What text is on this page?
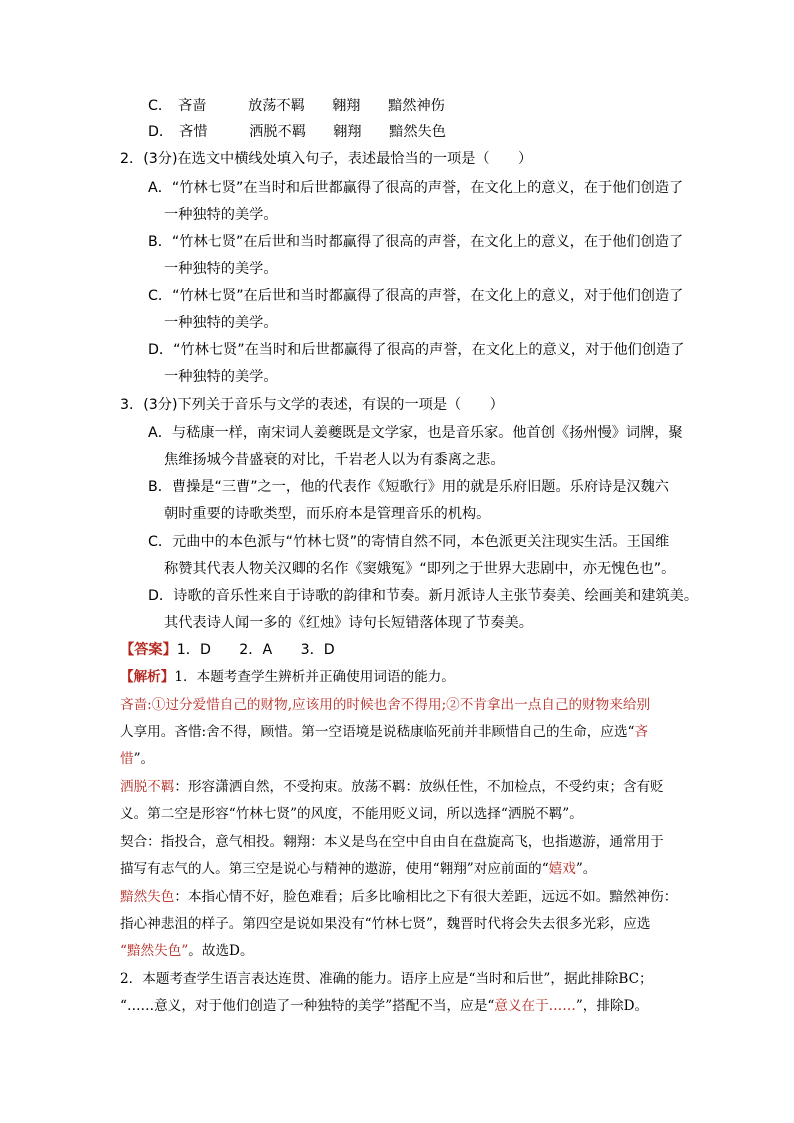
C． 吝啬	放荡不羁 翱翔 黯然神伤
D． 吝惜	洒脱不羁 翱翔 黯然失色
2．(3分)在选文中横线处填入句子，表述最恰当的一项是（　　）
A．“竹林七贤”在当时和后世都赢得了很高的声誉，在文化上的意义，在于他们创造了
一种独特的美学。
B．“竹林七贤”在后世和当时都赢得了很高的声誉，在文化上的意义，在于他们创造了
一种独特的美学。
C．“竹林七贤”在后世和当时都赢得了很高的声誉，在文化上的意义，对于他们创造了
一种独特的美学。
D．“竹林七贤”在当时和后世都赢得了很高的声誉，在文化上的意义，对于他们创造了
一种独特的美学。
3．(3分)下列关于音乐与文学的表述，有误的一项是（　　）
A．与嵇康一样，南宋词人姜夔既是文学家，也是音乐家。他首创《扬州慢》词牌，聚
焦维扬城今昔盛衰的对比，千岩老人以为有黍离之悲。
B．曹操是“三曹”之一，他的代表作《短歌行》用的就是乐府旧题。乐府诗是汉魏六
朝时重要的诗歌类型，而乐府本是管理音乐的机构。
C．元曲中的本色派与“竹林七贤”的寄情自然不同，本色派更关注现实生活。王国维
称赞其代表人物关汉卿的名作《窦娥冤》“即列之于世界大悲剧中，亦无愧色也”。
D．诗歌的音乐性来自于诗歌的韵律和节奏。新月派诗人主张节奏美、绘画美和建筑美。
其代表诗人闻一多的《红烛》诗句长短错落体现了节奏美。
【答案】1．D　　2．A　　3．D
【解析】1．本题考查学生辨析并正确使用词语的能力。
吝啬:①过分爱惜自己的财物,应该用的时候也舍不得用;②不肯拿出一点自己的财物来给别
人享用。吝惜:舍不得，顾惜。第一空语境是说嵇康临死前并非顾惜自己的生命，应选“吝
惜”。
洒脱不羁：形容潇洒自然，不受拘束。放荡不羁：放纵任性，不加检点，不受约束；含有贬
义。第二空是形容“竹林七贤”的风度，不能用贬义词，所以选择“洒脱不羁”。
契合：指投合，意气相投。翱翔：本义是鸟在空中自由自在盘旋高飞，也指遨游，通常用于
描写有志气的人。第三空是说心与精神的遨游，使用“翱翔”对应前面的“嬉戏”。
黯然失色：本指心情不好，脸色难看；后多比喻相比之下有很大差距，远远不如。黯然神伤：
指心神悲沮的样子。第四空是说如果没有“竹林七贤”，魏晋时代将会失去很多光彩，应选
“黯然失色”。故选D。
2．本题考查学生语言表达连贯、准确的能力。语序上应是“当时和后世”，据此排除BC；
“……意义，对于他们创造了一种独特的美学”搭配不当，应是“意义在于……”，排除D。
